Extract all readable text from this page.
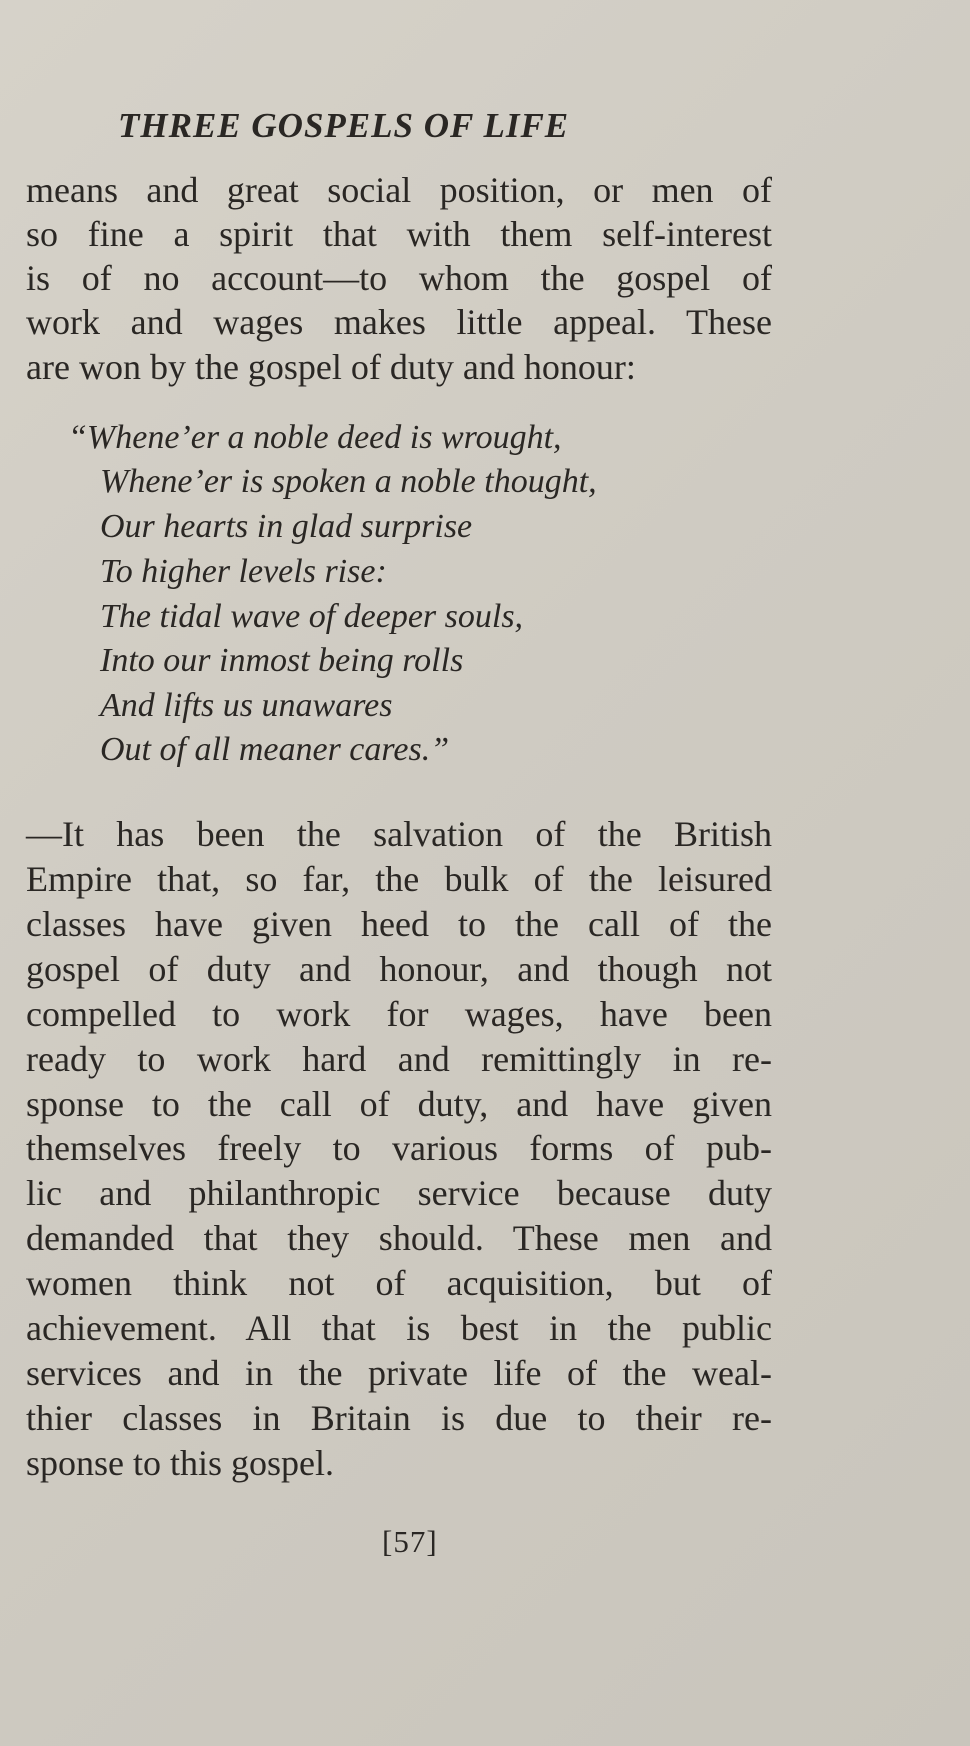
THREE GOSPELS OF LIFE
means and great social position, or men of
so fine a spirit that with them self-interest
is of no account—to whom the gospel of
work and wages makes little appeal. These
are won by the gospel of duty and honour:
“Whene’er a noble deed is wrought,
Whene’er is spoken a noble thought,
Our hearts in glad surprise
To higher levels rise:
The tidal wave of deeper souls,
Into our inmost being rolls
And lifts us unawares
Out of all meaner cares.”
—It has been the salvation of the British
Empire that, so far, the bulk of the leisured
classes have given heed to the call of the
gospel of duty and honour, and though not
compelled to work for wages, have been
ready to work hard and remittingly in re-
sponse to the call of duty, and have given
themselves freely to various forms of pub-
lic and philanthropic service because duty
demanded that they should. These men and
women think not of acquisition, but of
achievement. All that is best in the public
services and in the private life of the weal-
thier classes in Britain is due to their re-
sponse to this gospel.
[57]
